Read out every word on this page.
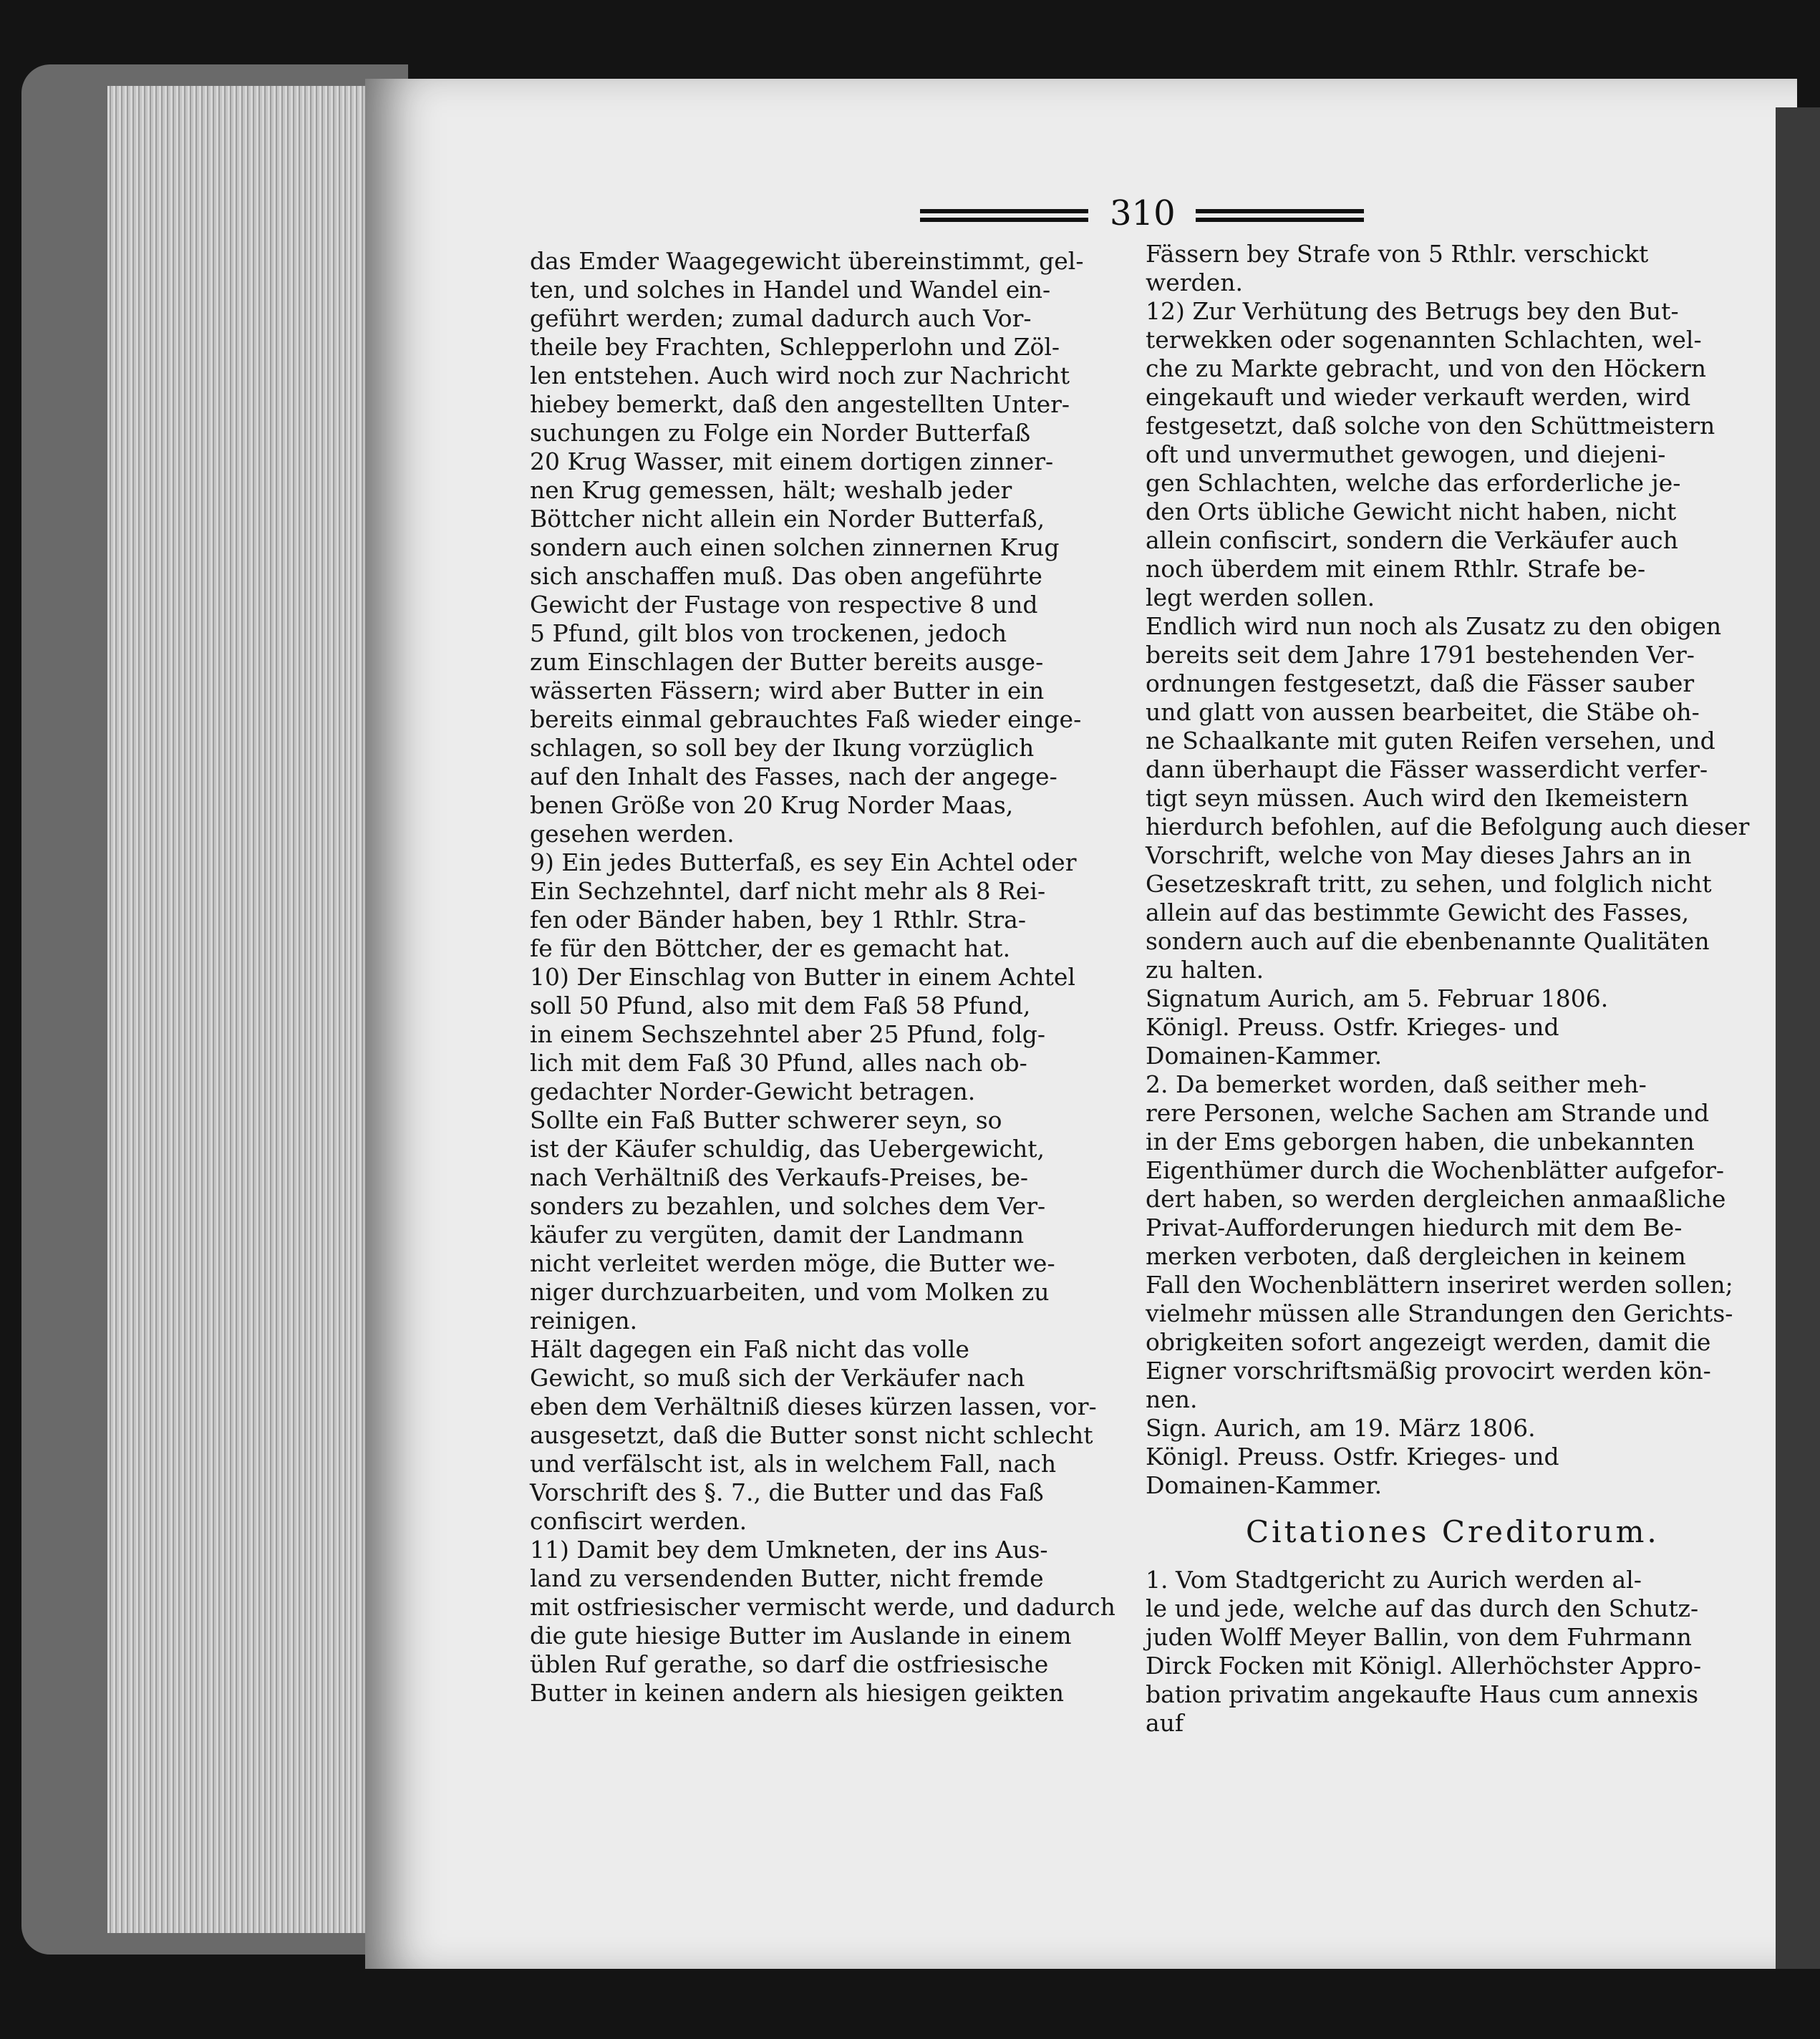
310

das Emder Waagegewicht übereinstimmt, gel-

ten, und solches in Handel und Wandel ein-

geführt werden; zumal dadurch auch Vor-

theile bey Frachten, Schlepperlohn und Zöl-

len entstehen. Auch wird noch zur Nachricht

hiebey bemerkt, daß den angestellten Unter-

suchungen zu Folge ein Norder Butterfaß

20 Krug Wasser, mit einem dortigen zinner-

nen Krug gemessen, hält; weshalb jeder

Böttcher nicht allein ein Norder Butterfaß,

sondern auch einen solchen zinnernen Krug

sich anschaffen muß. Das oben angeführte

Gewicht der Fustage von respective 8 und

5 Pfund, gilt blos von trockenen, jedoch

zum Einschlagen der Butter bereits ausge-

wässerten Fässern; wird aber Butter in ein

bereits einmal gebrauchtes Faß wieder einge-

schlagen, so soll bey der Ikung vorzüglich

auf den Inhalt des Fasses, nach der angege-

benen Größe von 20 Krug Norder Maas,

gesehen werden.

9) Ein jedes Butterfaß, es sey Ein Achtel oder

Ein Sechzehntel, darf nicht mehr als 8 Rei-

fen oder Bänder haben, bey 1 Rthlr. Stra-

fe für den Böttcher, der es gemacht hat.

10) Der Einschlag von Butter in einem Achtel

soll 50 Pfund, also mit dem Faß 58 Pfund,

in einem Sechszehntel aber 25 Pfund, folg-

lich mit dem Faß 30 Pfund, alles nach ob-

gedachter Norder-Gewicht betragen.

Sollte ein Faß Butter schwerer seyn, so

ist der Käufer schuldig, das Uebergewicht,

nach Verhältniß des Verkaufs-Preises, be-

sonders zu bezahlen, und solches dem Ver-

käufer zu vergüten, damit der Landmann

nicht verleitet werden möge, die Butter we-

niger durchzuarbeiten, und vom Molken zu

reinigen.

Hält dagegen ein Faß nicht das volle

Gewicht, so muß sich der Verkäufer nach

eben dem Verhältniß dieses kürzen lassen, vor-

ausgesetzt, daß die Butter sonst nicht schlecht

und verfälscht ist, als in welchem Fall, nach

Vorschrift des §. 7., die Butter und das Faß

confiscirt werden.

11) Damit bey dem Umkneten, der ins Aus-

land zu versendenden Butter, nicht fremde

mit ostfriesischer vermischt werde, und dadurch

die gute hiesige Butter im Auslande in einem

üblen Ruf gerathe, so darf die ostfriesische

Butter in keinen andern als hiesigen geikten

Fässern bey Strafe von 5 Rthlr. verschickt

werden.

12) Zur Verhütung des Betrugs bey den But-

terwekken oder sogenannten Schlachten, wel-

che zu Markte gebracht, und von den Höckern

eingekauft und wieder verkauft werden, wird

festgesetzt, daß solche von den Schüttmeistern

oft und unvermuthet gewogen, und diejeni-

gen Schlachten, welche das erforderliche je-

den Orts übliche Gewicht nicht haben, nicht

allein confiscirt, sondern die Verkäufer auch

noch überdem mit einem Rthlr. Strafe be-

legt werden sollen.

Endlich wird nun noch als Zusatz zu den obigen

bereits seit dem Jahre 1791 bestehenden Ver-

ordnungen festgesetzt, daß die Fässer sauber

und glatt von aussen bearbeitet, die Stäbe oh-

ne Schaalkante mit guten Reifen versehen, und

dann überhaupt die Fässer wasserdicht verfer-

tigt seyn müssen. Auch wird den Ikemeistern

hierdurch befohlen, auf die Befolgung auch dieser

Vorschrift, welche von May dieses Jahrs an in

Gesetzeskraft tritt, zu sehen, und folglich nicht

allein auf das bestimmte Gewicht des Fasses,

sondern auch auf die ebenbenannte Qualitäten

zu halten.

Signatum Aurich, am 5. Februar 1806.

Königl. Preuss. Ostfr. Krieges- und

Domainen-Kammer.

2. Da bemerket worden, daß seither meh-

rere Personen, welche Sachen am Strande und

in der Ems geborgen haben, die unbekannten

Eigenthümer durch die Wochenblätter aufgefor-

dert haben, so werden dergleichen anmaaßliche

Privat-Aufforderungen hiedurch mit dem Be-

merken verboten, daß dergleichen in keinem

Fall den Wochenblättern inseriret werden sollen;

vielmehr müssen alle Strandungen den Gerichts-

obrigkeiten sofort angezeigt werden, damit die

Eigner vorschriftsmäßig provocirt werden kön-

nen.

Sign. Aurich, am 19. März 1806.

Königl. Preuss. Ostfr. Krieges- und

Domainen-Kammer.

Citationes Creditorum.

1. Vom Stadtgericht zu Aurich werden al-

le und jede, welche auf das durch den Schutz-

juden Wolff Meyer Ballin, von dem Fuhrmann

Dirck Focken mit Königl. Allerhöchster Appro-

bation privatim angekaufte Haus cum annexis

auf
